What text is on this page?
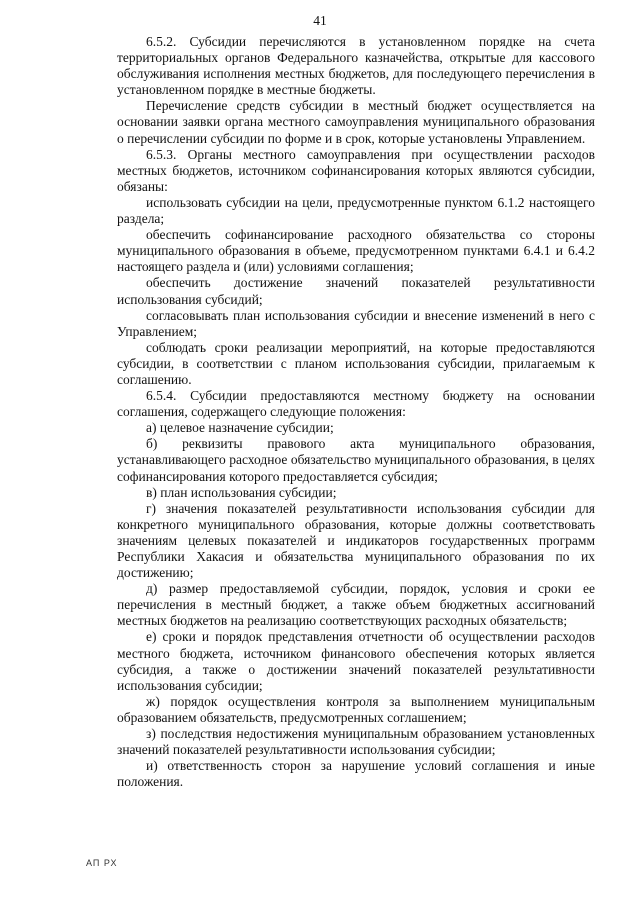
41

6.5.2. Субсидии перечисляются в установленном порядке на счета территориальных органов Федерального казначейства, открытые для кассового обслуживания исполнения местных бюджетов, для последующего перечисления в установленном порядке в местные бюджеты.

Перечисление средств субсидии в местный бюджет осуществляется на основании заявки органа местного самоуправления муниципального образования о перечислении субсидии по форме и в срок, которые установлены Управлением.

6.5.3. Органы местного самоуправления при осуществлении расходов местных бюджетов, источником софинансирования которых являются субсидии, обязаны:

использовать субсидии на цели, предусмотренные пунктом 6.1.2 настоящего раздела;

обеспечить софинансирование расходного обязательства со стороны муниципального образования в объеме, предусмотренном пунктами 6.4.1 и 6.4.2 настоящего раздела и (или) условиями соглашения;

обеспечить достижение значений показателей результативности использования субсидий;

согласовывать план использования субсидии и внесение изменений в него с Управлением;

соблюдать сроки реализации мероприятий, на которые предоставляются субсидии, в соответствии с планом использования субсидии, прилагаемым к соглашению.

6.5.4. Субсидии предоставляются местному бюджету на основании соглашения, содержащего следующие положения:

а) целевое назначение субсидии;

б) реквизиты правового акта муниципального образования, устанавливающего расходное обязательство муниципального образования, в целях софинансирования которого предоставляется субсидия;

в) план использования субсидии;

г) значения показателей результативности использования субсидии для конкретного муниципального образования, которые должны соответствовать значениям целевых показателей и индикаторов государственных программ Республики Хакасия и обязательства муниципального образования по их достижению;

д) размер предоставляемой субсидии, порядок, условия и сроки ее перечисления в местный бюджет, а также объем бюджетных ассигнований местных бюджетов на реализацию соответствующих расходных обязательств;

е) сроки и порядок представления отчетности об осуществлении расходов местного бюджета, источником финансового обеспечения которых является субсидия, а также о достижении значений показателей результативности использования субсидии;

ж) порядок осуществления контроля за выполнением муниципальным образованием обязательств, предусмотренных соглашением;

з) последствия недостижения муниципальным образованием установленных значений показателей результативности использования субсидии;

и) ответственность сторон за нарушение условий соглашения и иные положения.

АП РХ
